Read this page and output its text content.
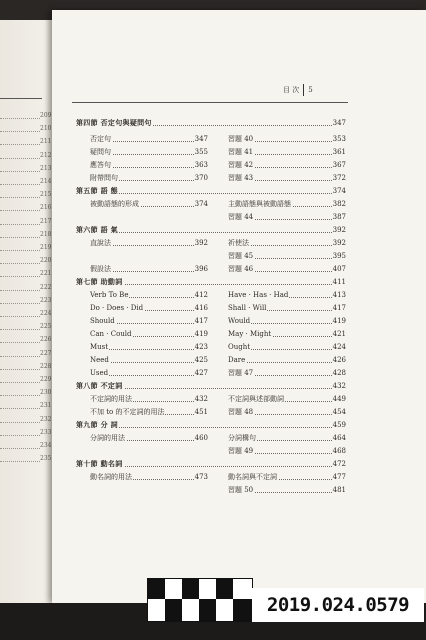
209
210
211
212
213
214
215
216
217
218
219
220
221
222
223
224
225
226
227
228
229
230
231
232
233
234
235
目 次 5
第四節 否定句與疑問句	347
否定句	347	習題 40	353
疑問句	355	習題 41	361
應答句	363	習題 42	367
附帶問句	370	習題 43	372
第五節 語 態	374
被動語態的形成	374	主動語態與被動語態	382
習題 44	387
第六節 語 氣	392
直說法	392	祈使法	392
習題 45	395
假設法	396	習題 46	407
第七節 助動詞	411
Verb To Be	412	Have · Has · Had	413
Do · Does · Did	416	Shall · Will	417
Should	417	Would	419
Can · Could	419	May · Might	421
Must	423	Ought	424
Need	425	Dare	426
Used	427	習題 47	428
第八節 不定詞	432
不定詞的用法	432	不定詞與述部動詞	449
不加 to 的不定詞的用法	451	習題 48	454
第九節 分 詞	459
分詞的用法	460	分詞構句	464
習題 49	468
第十節 動名詞	472
動名詞的用法	473	動名詞與不定詞	477
習題 50	481
1cm	5cm	2019.024.0579
